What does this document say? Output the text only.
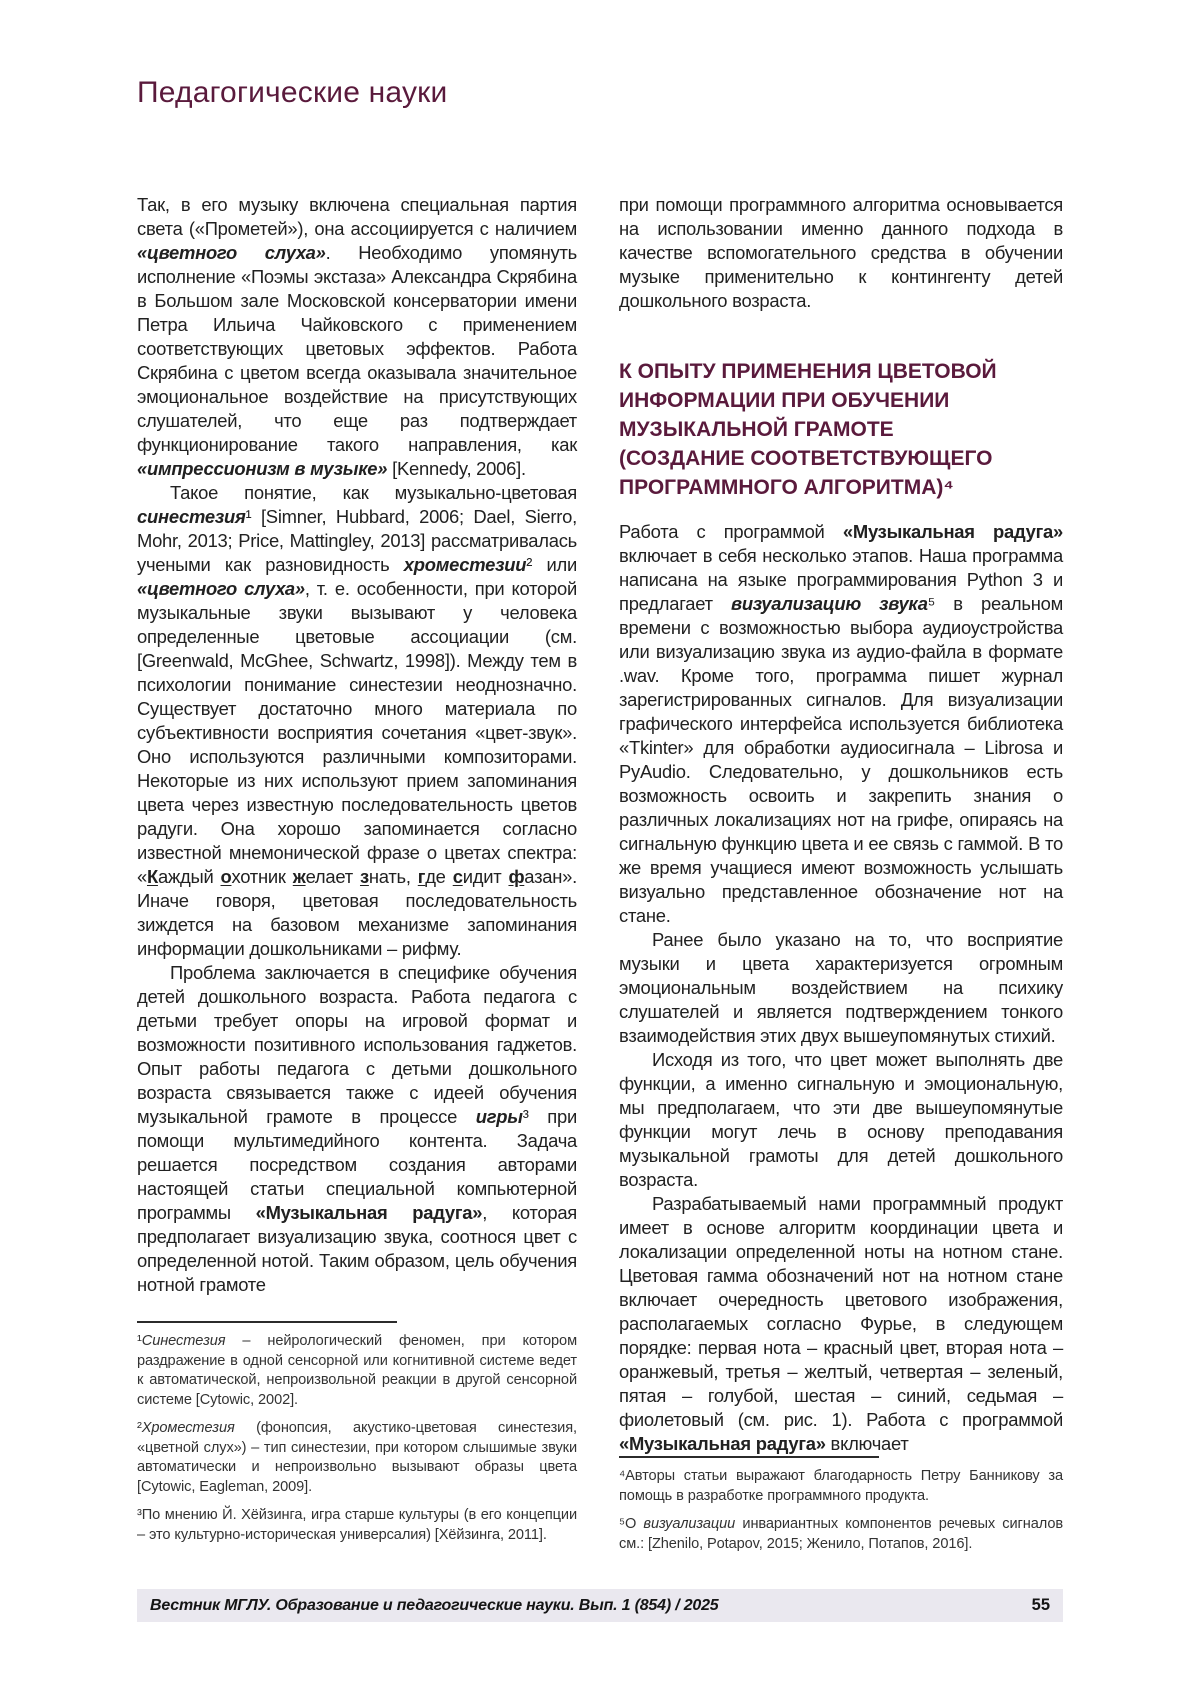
Педагогические науки

Так, в его музыку включена специальная партия света («Прометей»), она ассоциируется с наличием «цветного слуха». Необходимо упомянуть исполнение «Поэмы экстаза» Александра Скрябина в Большом зале Московской консерватории имени Петра Ильича Чайковского с применением соответствующих цветовых эффектов. Работа Скрябина с цветом всегда оказывала значительное эмоциональное воздействие на присутствующих слушателей, что еще раз подтверждает функционирование такого направления, как «импрессионизм в музыке» [Kennedy, 2006].

Такое понятие, как музыкально-цветовая синестезия¹ [Simner, Hubbard, 2006; Dael, Sierro, Mohr, 2013; Price, Mattingley, 2013] рассматривалась учеными как разновидность хроместезии² или «цветного слуха», т. е. особенности, при которой музыкальные звуки вызывают у человека определенные цветовые ассоциации (см. [Greenwald, McGhee, Schwartz, 1998]). Между тем в психологии понимание синестезии неоднозначно. Существует достаточно много материала по субъективности восприятия сочетания «цвет-звук». Оно используются различными композиторами. Некоторые из них используют прием запоминания цвета через известную последовательность цветов радуги. Она хорошо запоминается согласно известной мнемонической фразе о цветах спектра: «Каждый охотник желает знать, где сидит фазан». Иначе говоря, цветовая последовательность зиждется на базовом механизме запоминания информации дошкольниками – рифму.

Проблема заключается в специфике обучения детей дошкольного возраста. Работа педагога с детьми требует опоры на игровой формат и возможности позитивного использования гаджетов. Опыт работы педагога с детьми дошкольного возраста связывается также с идеей обучения музыкальной грамоте в процессе игры³ при помощи мультимедийного контента. Задача решается посредством создания авторами настоящей статьи специальной компьютерной программы «Музыкальная радуга», которая предполагает визуализацию звука, соотнося цвет с определенной нотой. Таким образом, цель обучения нотной грамоте

¹Синестезия – нейрологический феномен, при котором раздражение в одной сенсорной или когнитивной системе ведет к автоматической, непроизвольной реакции в другой сенсорной системе [Cytowic, 2002].

²Хроместезия (фонопсия, акустико-цветовая синестезия, «цветной слух») – тип синестезии, при котором слышимые звуки автоматически и непроизвольно вызывают образы цвета [Cytowic, Eagleman, 2009].

³По мнению Й. Хёйзинга, игра старше культуры (в его концепции – это культурно-историческая универсалия) [Хёйзинга, 2011].

при помощи программного алгоритма основывается на использовании именно данного подхода в качестве вспомогательного средства в обучении музыке применительно к контингенту детей дошкольного возраста.

К ОПЫТУ ПРИМЕНЕНИЯ ЦВЕТОВОЙ
ИНФОРМАЦИИ ПРИ ОБУЧЕНИИ
МУЗЫКАЛЬНОЙ ГРАМОТЕ
(СОЗДАНИЕ СООТВЕТСТВУЮЩЕГО
ПРОГРАММНОГО АЛГОРИТМА)⁴

Работа с программой «Музыкальная радуга» включает в себя несколько этапов. Наша программа написана на языке программирования Python 3 и предлагает визуализацию звука⁵ в реальном времени с возможностью выбора аудиоустройства или визуализацию звука из аудио-файла в формате .wav. Кроме того, программа пишет журнал зарегистрированных сигналов. Для визуализации графического интерфейса используется библиотека «Tkinter» для обработки аудиосигнала – Librosa и PyAudio. Следовательно, у дошкольников есть возможность освоить и закрепить знания о различных локализациях нот на грифе, опираясь на сигнальную функцию цвета и ее связь с гаммой. В то же время учащиеся имеют возможность услышать визуально представленное обозначение нот на стане.

Ранее было указано на то, что восприятие музыки и цвета характеризуется огромным эмоциональным воздействием на психику слушателей и является подтверждением тонкого взаимодействия этих двух вышеупомянутых стихий.

Исходя из того, что цвет может выполнять две функции, а именно сигнальную и эмоциональную, мы предполагаем, что эти две вышеупомянутые функции могут лечь в основу преподавания музыкальной грамоты для детей дошкольного возраста.

Разрабатываемый нами программный продукт имеет в основе алгоритм координации цвета и локализации определенной ноты на нотном стане. Цветовая гамма обозначений нот на нотном стане включает очередность цветового изображения, располагаемых согласно Фурье, в следующем порядке: первая нота – красный цвет, вторая нота – оранжевый, третья – желтый, четвертая – зеленый, пятая – голубой, шестая – синий, седьмая – фиолетовый (см. рис. 1). Работа с программой «Музыкальная радуга» включает

⁴Авторы статьи выражают благодарность Петру Банникову за помощь в разработке программного продукта.

⁵О визуализации инвариантных компонентов речевых сигналов см.: [Zhenilo, Potapov, 2015; Женило, Потапов, 2016].

Вестник МГЛУ. Образование и педагогические науки. Вып. 1 (854) / 2025	55
